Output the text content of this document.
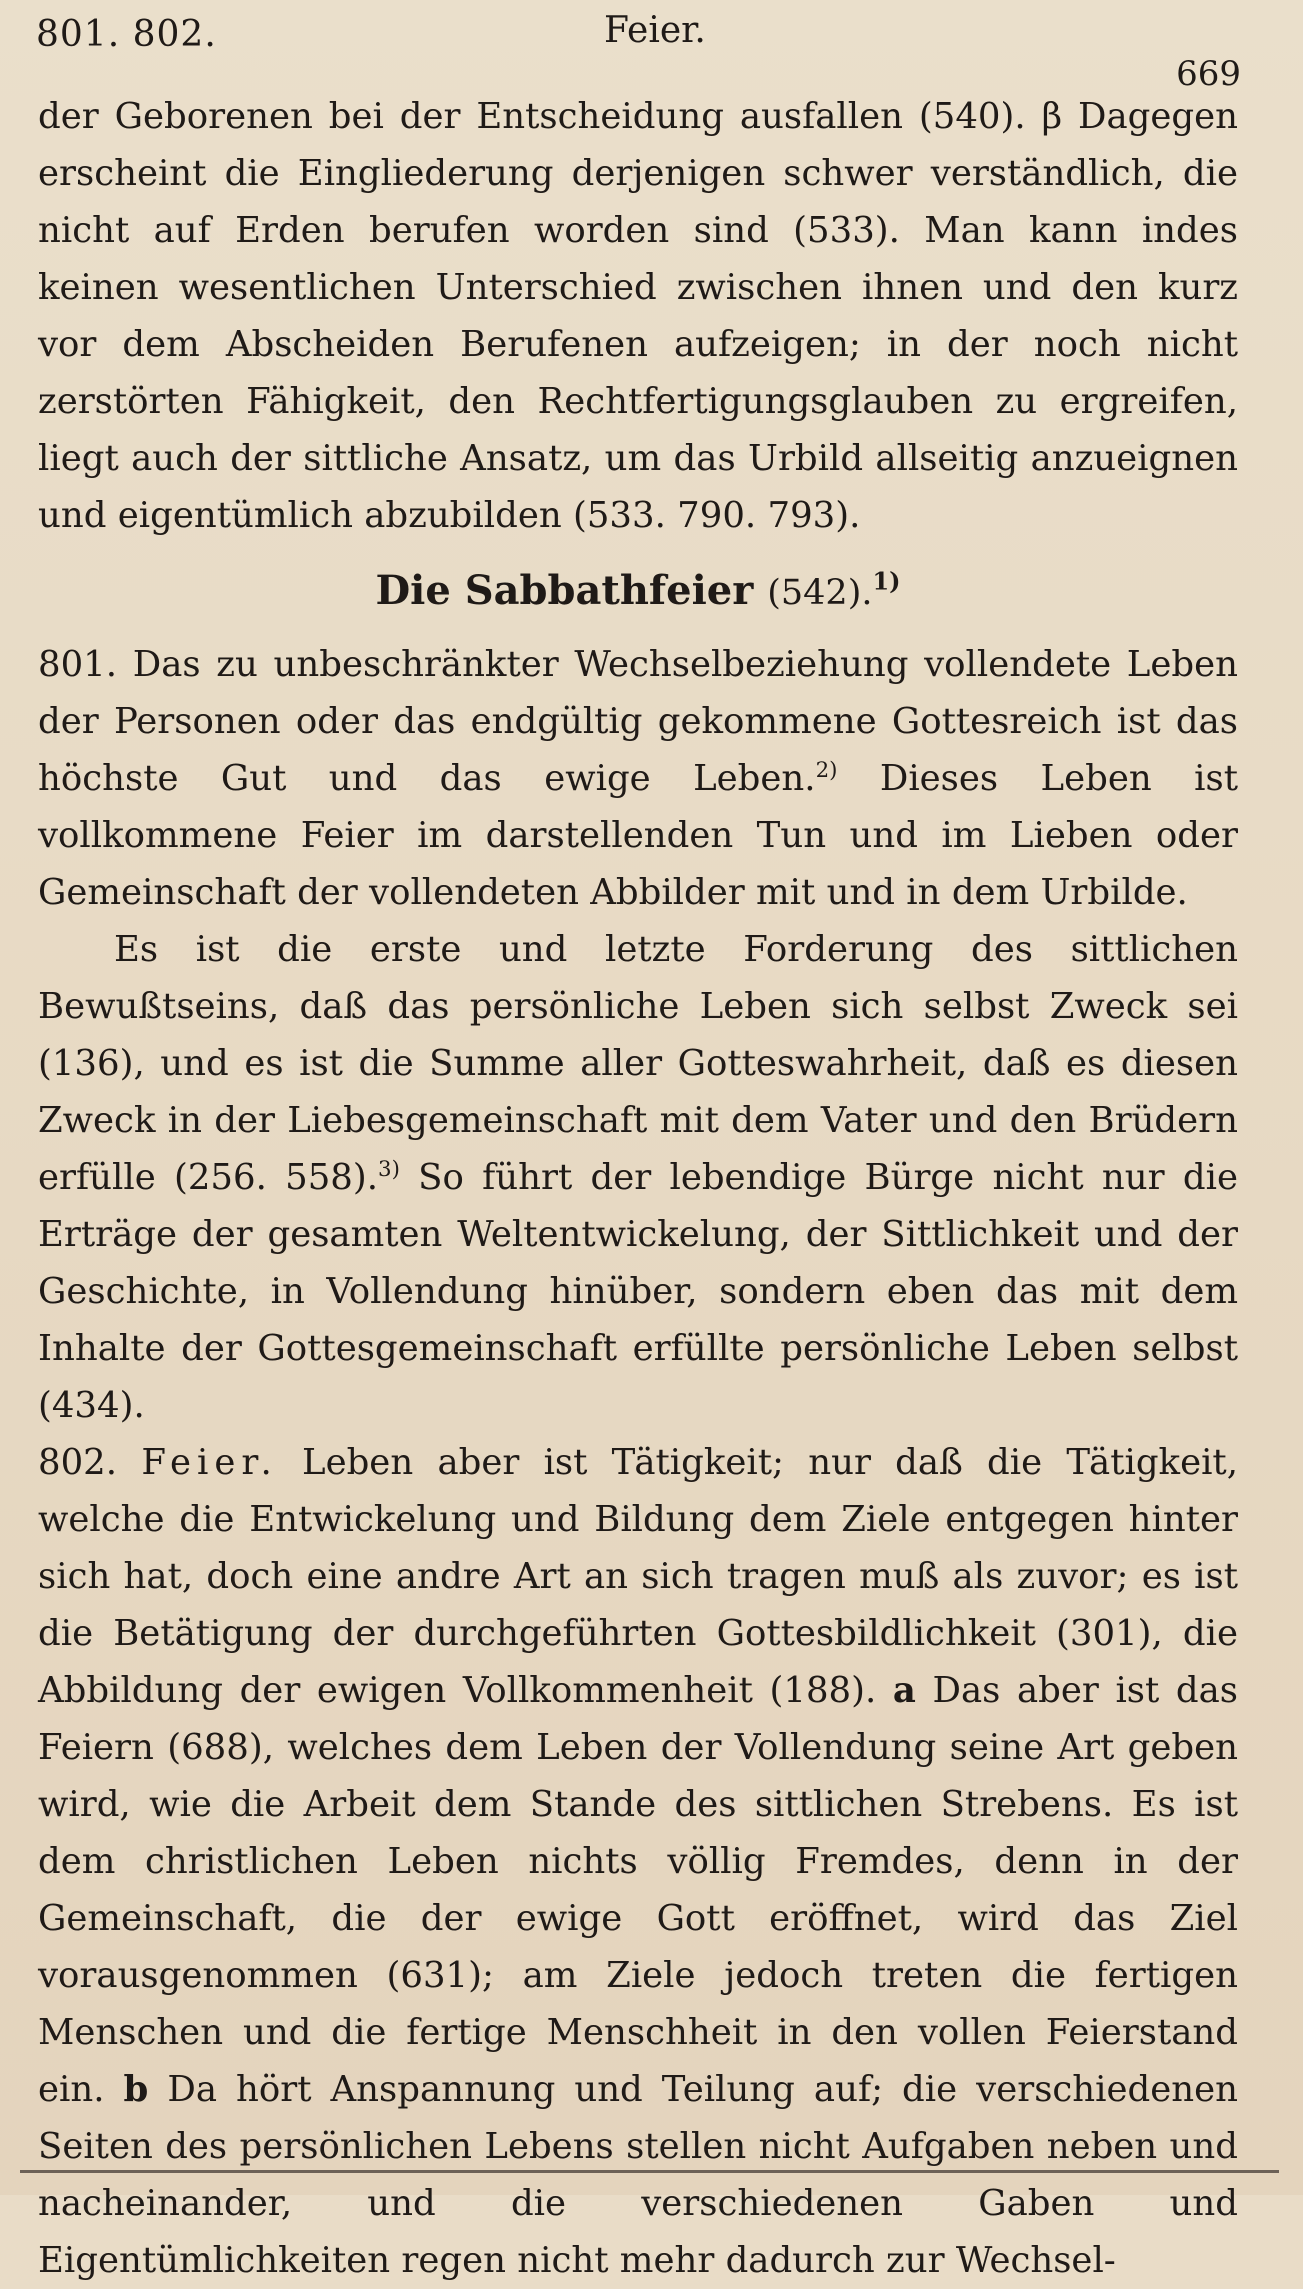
801. 802.	Feier.
669

der Geborenen bei der Entscheidung ausfallen (540). β Dagegen erscheint die Eingliederung derjenigen schwer verständlich, die nicht auf Erden berufen worden sind (533). Man kann indes keinen wesentlichen Unterschied zwischen ihnen und den kurz vor dem Abscheiden Berufenen aufzeigen; in der noch nicht zerstörten Fähigkeit, den Rechtfertigungsglauben zu ergreifen, liegt auch der sittliche Ansatz, um das Urbild allseitig anzueignen und eigentümlich abzubilden (533. 790. 793).

Die Sabbathfeier (542).$^{1)}$

801. Das zu unbeschränkter Wechselbeziehung vollendete Leben der Personen oder das endgültig gekommene Gottesreich ist das höchste Gut und das ewige Leben.$^{2)}$ Dieses Leben ist vollkommene Feier im darstellenden Tun und im Lieben oder Gemeinschaft der vollendeten Abbilder mit und in dem Urbilde.

Es ist die erste und letzte Forderung des sittlichen Bewußtseins, daß das persönliche Leben sich selbst Zweck sei (136), und es ist die Summe aller Gotteswahrheit, daß es diesen Zweck in der Liebesgemeinschaft mit dem Vater und den Brüdern erfülle (256. 558).$^{3)}$ So führt der lebendige Bürge nicht nur die Erträge der gesamten Weltentwickelung, der Sittlichkeit und der Geschichte, in Vollendung hinüber, sondern eben das mit dem Inhalte der Gottesgemeinschaft erfüllte persönliche Leben selbst (434).

802. Feier. Leben aber ist Tätigkeit; nur daß die Tätigkeit, welche die Entwickelung und Bildung dem Ziele entgegen hinter sich hat, doch eine andre Art an sich tragen muß als zuvor; es ist die Betätigung der durchgeführten Gottesbildlichkeit (301), die Abbildung der ewigen Vollkommenheit (188). a Das aber ist das Feiern (688), welches dem Leben der Vollendung seine Art geben wird, wie die Arbeit dem Stande des sittlichen Strebens. Es ist dem christlichen Leben nichts völlig Fremdes, denn in der Gemeinschaft, die der ewige Gott eröffnet, wird das Ziel vorausgenommen (631); am Ziele jedoch treten die fertigen Menschen und die fertige Menschheit in den vollen Feierstand ein. b Da hört Anspannung und Teilung auf; die verschiedenen Seiten des persönlichen Lebens stellen nicht Aufgaben neben und nacheinander, und die verschiedenen Gaben und Eigentümlichkeiten regen nicht mehr dadurch zur Wechsel-
